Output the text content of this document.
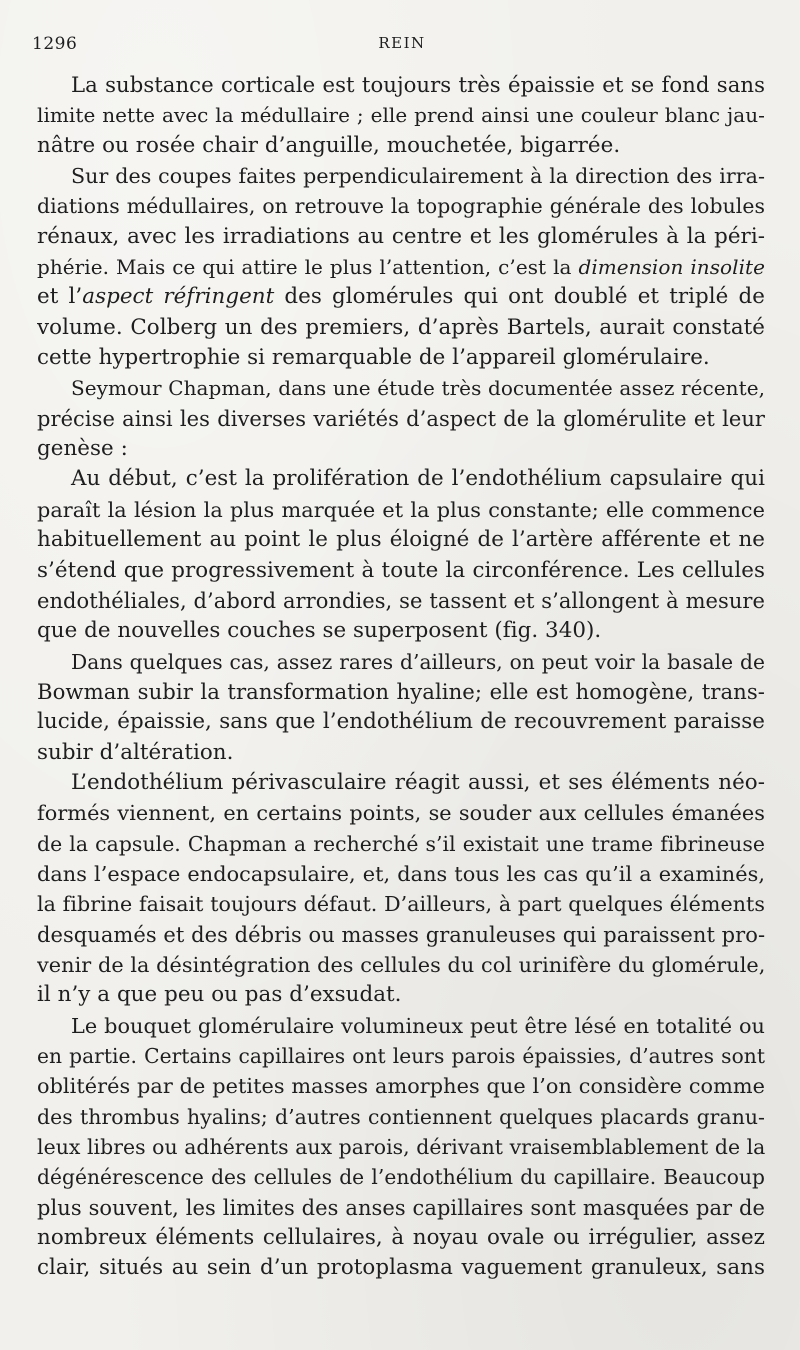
1296	REIN
La substance corticale est toujours très épaissie et se fond sans
limite nette avec la médullaire ; elle prend ainsi une couleur blanc jau-
nâtre ou rosée chair d’anguille, mouchetée, bigarrée.
Sur des coupes faites perpendiculairement à la direction des irra-
diations médullaires, on retrouve la topographie générale des lobules
rénaux, avec les irradiations au centre et les glomérules à la péri-
phérie. Mais ce qui attire le plus l’attention, c’est la dimension insolite
et l’aspect réfringent des glomérules qui ont doublé et triplé de
volume. Colberg un des premiers, d’après Bartels, aurait constaté
cette hypertrophie si remarquable de l’appareil glomérulaire.
Seymour Chapman, dans une étude très documentée assez récente,
précise ainsi les diverses variétés d’aspect de la glomérulite et leur
genèse :
Au début, c’est la prolifération de l’endothélium capsulaire qui
paraît la lésion la plus marquée et la plus constante; elle commence
habituellement au point le plus éloigné de l’artère afférente et ne
s’étend que progressivement à toute la circonférence. Les cellules
endothéliales, d’abord arrondies, se tassent et s’allongent à mesure
que de nouvelles couches se superposent (fig. 340).
Dans quelques cas, assez rares d’ailleurs, on peut voir la basale de
Bowman subir la transformation hyaline; elle est homogène, trans-
lucide, épaissie, sans que l’endothélium de recouvrement paraisse
subir d’altération.
L’endothélium périvasculaire réagit aussi, et ses éléments néo-
formés viennent, en certains points, se souder aux cellules émanées
de la capsule. Chapman a recherché s’il existait une trame fibrineuse
dans l’espace endocapsulaire, et, dans tous les cas qu’il a examinés,
la fibrine faisait toujours défaut. D’ailleurs, à part quelques éléments
desquamés et des débris ou masses granuleuses qui paraissent pro-
venir de la désintégration des cellules du col urinifère du glomérule,
il n’y a que peu ou pas d’exsudat.
Le bouquet glomérulaire volumineux peut être lésé en totalité ou
en partie. Certains capillaires ont leurs parois épaissies, d’autres sont
oblitérés par de petites masses amorphes que l’on considère comme
des thrombus hyalins; d’autres contiennent quelques placards granu-
leux libres ou adhérents aux parois, dérivant vraisemblablement de la
dégénérescence des cellules de l’endothélium du capillaire. Beaucoup
plus souvent, les limites des anses capillaires sont masquées par de
nombreux éléments cellulaires, à noyau ovale ou irrégulier, assez
clair, situés au sein d’un protoplasma vaguement granuleux, sans
